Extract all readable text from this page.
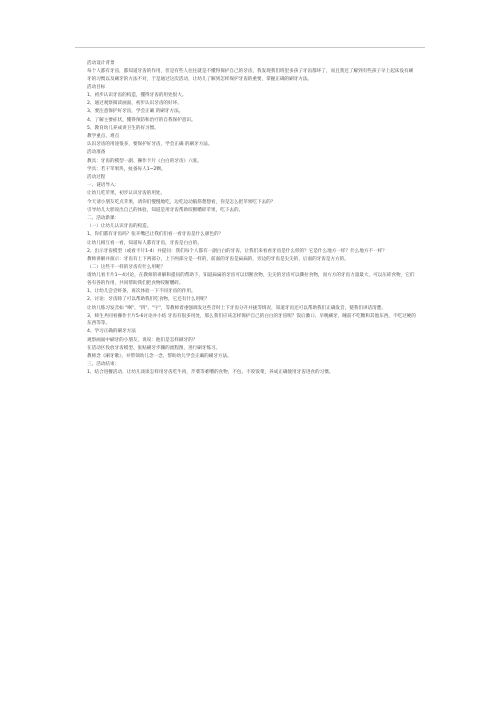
活动设计背景
每个人都有牙齿，都知道牙齿的作用，但是有些人往往就是不懂得保护自己的牙齿，我发现我们班里多孩子牙齿都坏了，而且我还了解到有些孩子早上起床没有刷牙的习惯以及刷牙的方法不对，于是通过这次活动，让幼儿了解到怎样保护牙齿的重要，掌握正确的刷牙方法。
活动目标
1、初步认识牙齿的构造，懂得牙齿的用处很大。
2、通过观察阅读画面，初步认识牙齿的好坏。
3、要注意保护好牙齿，学会正确 的刷牙方法。
4、了解主要症状，懂得预防和治疗的自我保护意识。
5、教育幼儿养成讲卫生的好习惯。
教学重点、难点
认识牙齿的用途很多，要保护好牙齿，学会正确 的刷牙方法。
活动准备
教具：牙齿的模型一副、操作卡片《白白的牙齿》六张。
学具：若干苹果块，蛀备每人1~2颗。
活动过程
一、谜语导入：
让幼儿吃苹果，初步认识牙齿的用处。
今天请小朋友吃点苹果，请你们慢慢地吃，边吃边动脑筋想想看，你是怎么把苹果吃下去的？
引导幼儿大胆说出自己的体验，知道是用牙齿帮助咬断嚼碎苹果，吃下去的。
二、活动新课：
（一）让幼儿认识牙齿的构造。
1、你们都有牙齿吗？张开嘴巴让我们们看一看牙齿是什么颜色的？
让幼儿相互看一看，知道每人都有牙齿，牙齿是白白的。
2、出示牙齿模型（或看卡片1-4）并提问：我们每个人都有一副白白的牙齿，让我们来看看牙齿是什么样的？它是什么地方一样？什么地方不一样？
教师讲解并演示：牙齿有上下两部分，上下两部分是一样的，前面的牙齿是扁扁的，旁边的牙齿是尖尖的，后面的牙齿是方方的。
（二）这些不一样的牙齿有什么用呢？
请幼儿看卡片1—4讨论，在教师的讲解和提问的帮助下，知道扁扁的牙齿可以切断食物，尖尖的牙齿可以撕拉食物，而方方的牙齿力量最大，可以压碎食物，它们各有各的作用，共同帮助我们把食物咬断嚼碎。
1、让幼儿尝尝虾条，再次体验一下不同牙齿的作用。
2、讨论：牙齿除了可以帮助我们吃食物，它还有什么用呢？
让幼儿练习发音如 "啊"、"四"、"字"，等教师着重强调发这些音时上下牙齿分开并拢等情况，知道牙齿还可以帮助我们正确发音，使我们讲话清楚。
3、师生共同看操作卡片5-6讨论并小结 牙齿有很多用处，那么我们应该怎样保护自己的白白的牙齿呢？饭后漱口、早晚刷牙、睡前不吃糖和其他东西，不吃过硬的东西等等。
4、学习正确的刷牙方法
观察画面中刷牙的小朋友，说说：他们是怎样刷牙的？
在活动区投放牙齿模型、张贴刷牙步骤的流程图，进行刷牙练习。
教师念《刷牙歌》，并带领幼儿念一念，帮助幼儿学会正确的刷牙方法。
三、活动结束：
1、结合进餐活动，让幼儿谈谈怎样用牙齿吃牛肉，芹菜等难嚼的食物，不包、不咬饭菜，养成正确使用牙齿进食的习惯。
